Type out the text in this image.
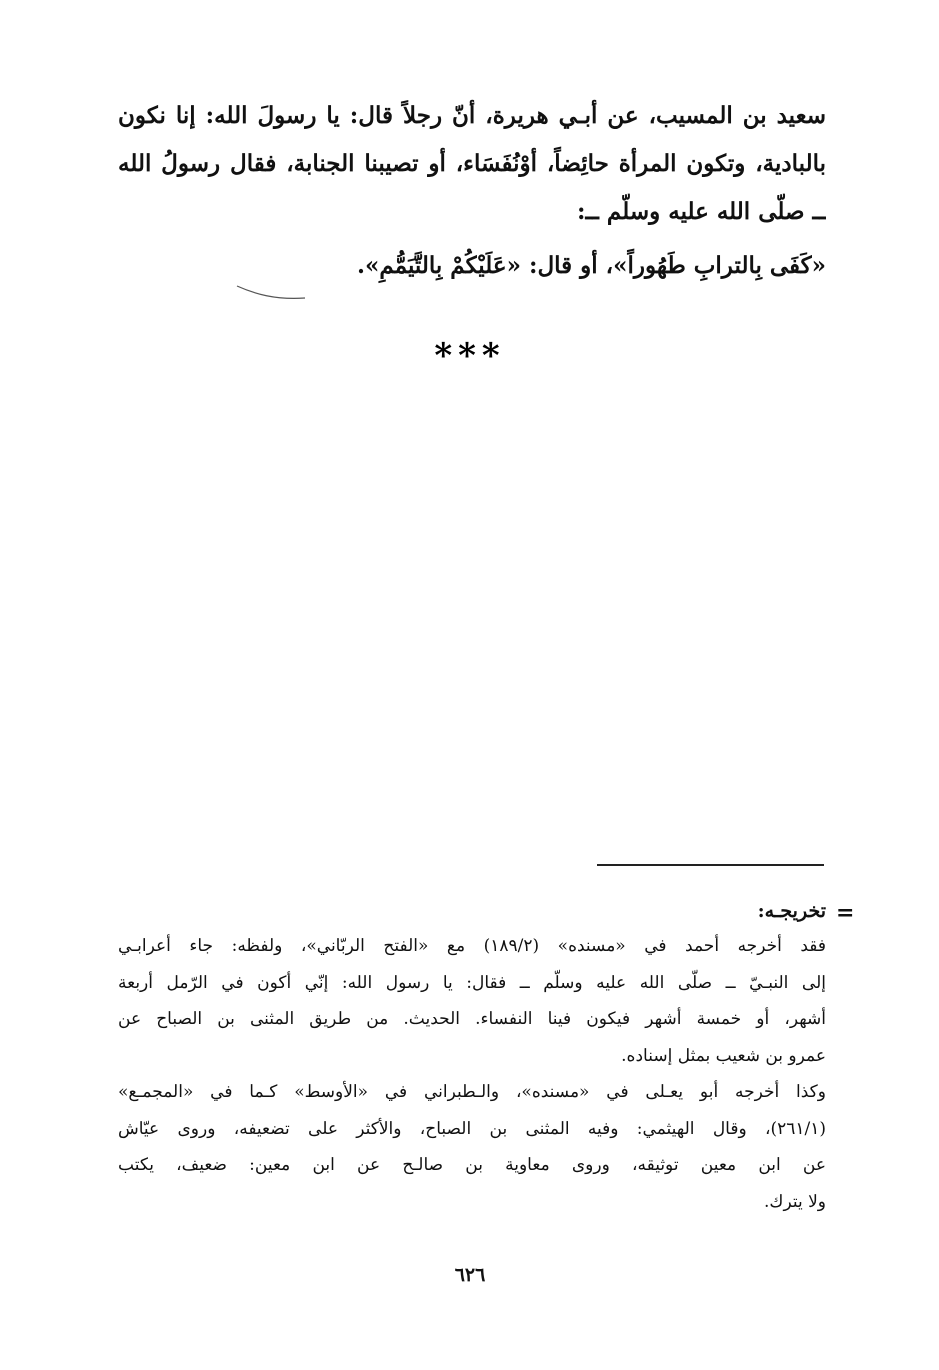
سعيد بن المسيب، عن أبـي هريرة، أنّ رجلاً قال: يا رسولَ الله: إنا نكون
بالبادية، وتكون المرأة حائِضاً، أوْنُفَسَاء، أو تصيبنا الجنابة، فقال رسولُ الله
ــ صلّى الله عليه وسلّم ــ:
«كَفَى بِالترابِ طَهُوراً»، أو قال: «عَلَيْكُمْ بِالتَّيَمُّمِ».
***
=
تخريجـه:
فقد أخرجه أحمد في «مسنده» (١٨٩/٢) مع «الفتح الربّاني»، ولفظه: جاء أعرابـي
إلى النبـيّ ــ صلّى الله عليه وسلّم ــ فقال: يا رسول الله: إنّي أكون في الرّمل أربعة
أشهر، أو خمسة أشهر فيكون فينا النفساء. الحديث. من طريق المثنى بن الصباح عن
عمرو بن شعيب بمثل إسناده.
وكذا أخرجه أبو يعـلى في «مسنده»، والـطبراني في «الأوسط» كـما في «المجمـع»
(٢٦١/١)، وقال الهيثمي: وفيه المثنى بن الصباح، والأكثر على تضعيفه، وروى عيّاش
عن ابن معين توثيقه، وروى معاوية بن صالـح عن ابن معين: ضعيف، يكتب
ولا يترك.
٦٢٦
